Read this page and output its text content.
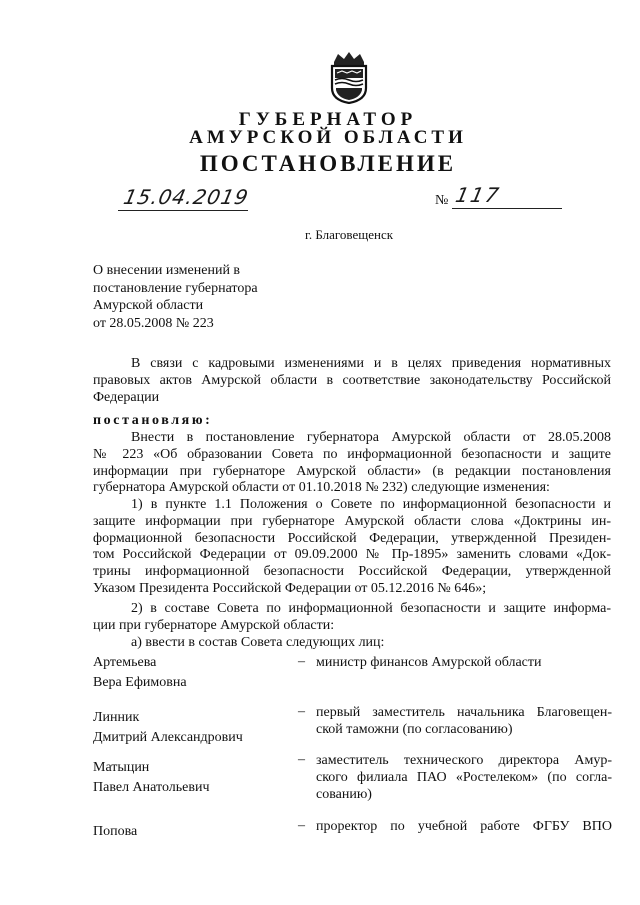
ГУБЕРНАТОР
АМУРСКОЙ ОБЛАСТИ
ПОСТАНОВЛЕНИЕ
15.04.2019	№ 117
г. Благовещенск
О внесении изменений в
постановление губернатора
Амурской области
от 28.05.2008 № 223
В связи с кадровыми изменениями и в целях приведения нормативных
правовых актов Амурской области в соответствие законодательству Российской
Федерации
постановляю:
Внести в постановление губернатора Амурской области от 28.05.2008
№ 223 «Об образовании Совета по информационной безопасности и защите
информации при губернаторе Амурской области» (в редакции постановления
губернатора Амурской области от 01.10.2018 № 232) следующие изменения:
1) в пункте 1.1 Положения о Совете по информационной безопасности и
защите информации при губернаторе Амурской области слова «Доктрины ин-
формационной безопасности Российской Федерации, утвержденной Президен-
том Российской Федерации от 09.09.2000 № Пр-1895» заменить словами «Док-
трины информационной безопасности Российской Федерации, утвержденной
Указом Президента Российской Федерации от 05.12.2016 № 646»;
2) в составе Совета по информационной безопасности и защите информа-
ции при губернаторе Амурской области:
а) ввести в состав Совета следующих лиц:
Артемьева
Вера Ефимовна
– министр финансов Амурской области
Линник
Дмитрий Александрович
– первый заместитель начальника Благовещен-
ской таможни (по согласованию)
Матыцин
Павел Анатольевич
– заместитель технического директора Амур-
ского филиала ПАО «Ростелеком» (по согла-
сованию)
Попова	– проректор по учебной работе ФГБУ ВПО
